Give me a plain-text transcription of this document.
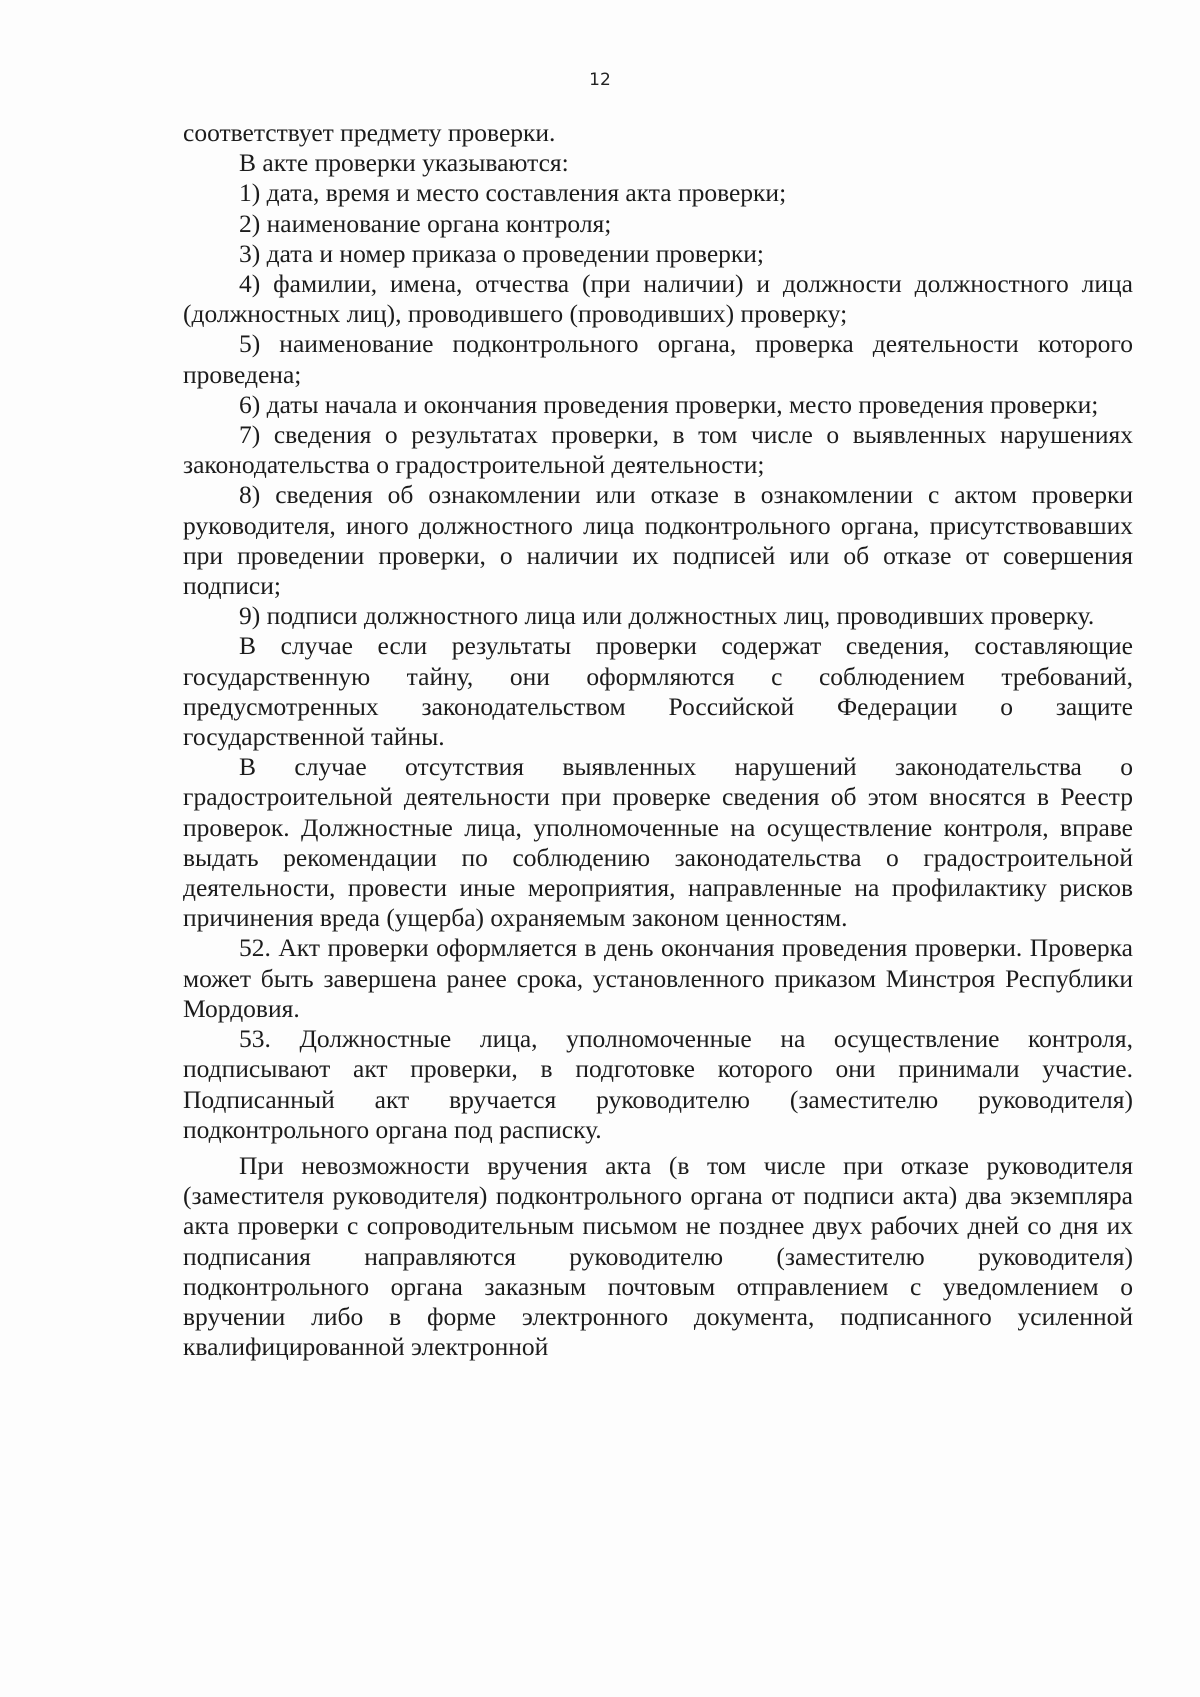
12

соответствует предмету проверки.

В акте проверки указываются:

1) дата, время и место составления акта проверки;

2) наименование органа контроля;

3) дата и номер приказа о проведении проверки;

4) фамилии, имена, отчества (при наличии) и должности должностного лица (должностных лиц), проводившего (проводивших) проверку;

5) наименование подконтрольного органа, проверка деятельности которого проведена;

6) даты начала и окончания проведения проверки, место проведения проверки;

7) сведения о результатах проверки, в том числе о выявленных нарушениях законодательства о градостроительной деятельности;

8) сведения об ознакомлении или отказе в ознакомлении с актом проверки руководителя, иного должностного лица подконтрольного органа, присутствовавших при проведении проверки, о наличии их подписей или об отказе от совершения подписи;

9) подписи должностного лица или должностных лиц, проводивших проверку.

В случае если результаты проверки содержат сведения, составляющие государственную тайну, они оформляются с соблюдением требований, предусмотренных законодательством Российской Федерации о защите государственной тайны.

В случае отсутствия выявленных нарушений законодательства о градостроительной деятельности при проверке сведения об этом вносятся в Реестр проверок. Должностные лица, уполномоченные на осуществление контроля, вправе выдать рекомендации по соблюдению законодательства о градостроительной деятельности, провести иные мероприятия, направленные на профилактику рисков причинения вреда (ущерба) охраняемым законом ценностям.

52. Акт проверки оформляется в день окончания проведения проверки. Проверка может быть завершена ранее срока, установленного приказом Минстроя Республики Мордовия.

53. Должностные лица, уполномоченные на осуществление контроля, подписывают акт проверки, в подготовке которого они принимали участие. Подписанный акт вручается руководителю (заместителю руководителя) подконтрольного органа под расписку.

При невозможности вручения акта (в том числе при отказе руководителя (заместителя руководителя) подконтрольного органа от подписи акта) два экземпляра акта проверки с сопроводительным письмом не позднее двух рабочих дней со дня их подписания направляются руководителю (заместителю руководителя) подконтрольного органа заказным почтовым отправлением с уведомлением о вручении либо в форме электронного документа, подписанного усиленной квалифицированной электронной
